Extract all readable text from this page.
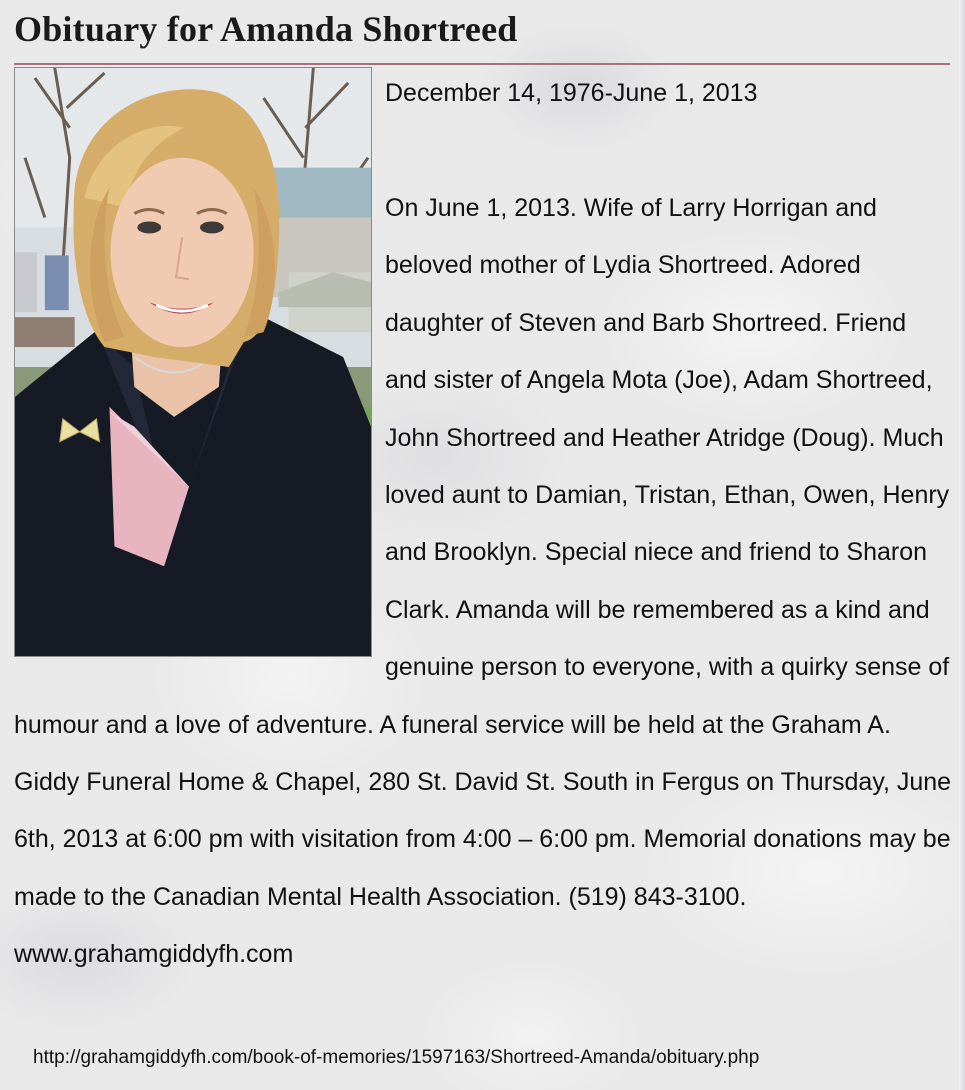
Obituary for Amanda Shortreed

December 14, 1976-June 1, 2013

On June 1, 2013. Wife of Larry Horrigan and beloved mother of Lydia Shortreed. Adored daughter of Steven and Barb Shortreed. Friend and sister of Angela Mota (Joe), Adam Shortreed, John Shortreed and Heather Atridge (Doug). Much loved aunt to Damian, Tristan, Ethan, Owen, Henry and Brooklyn. Special niece and friend to Sharon Clark. Amanda will be remembered as a kind and genuine person to everyone, with a quirky sense of humour and a love of adventure. A funeral service will be held at the Graham A. Giddy Funeral Home & Chapel, 280 St. David St. South in Fergus on Thursday, June 6th, 2013 at 6:00 pm with visitation from 4:00 – 6:00 pm. Memorial donations may be made to the Canadian Mental Health Association. (519) 843-3100. www.grahamgiddyfh.com

http://grahamgiddyfh.com/book-of-memories/1597163/Shortreed-Amanda/obituary.php
